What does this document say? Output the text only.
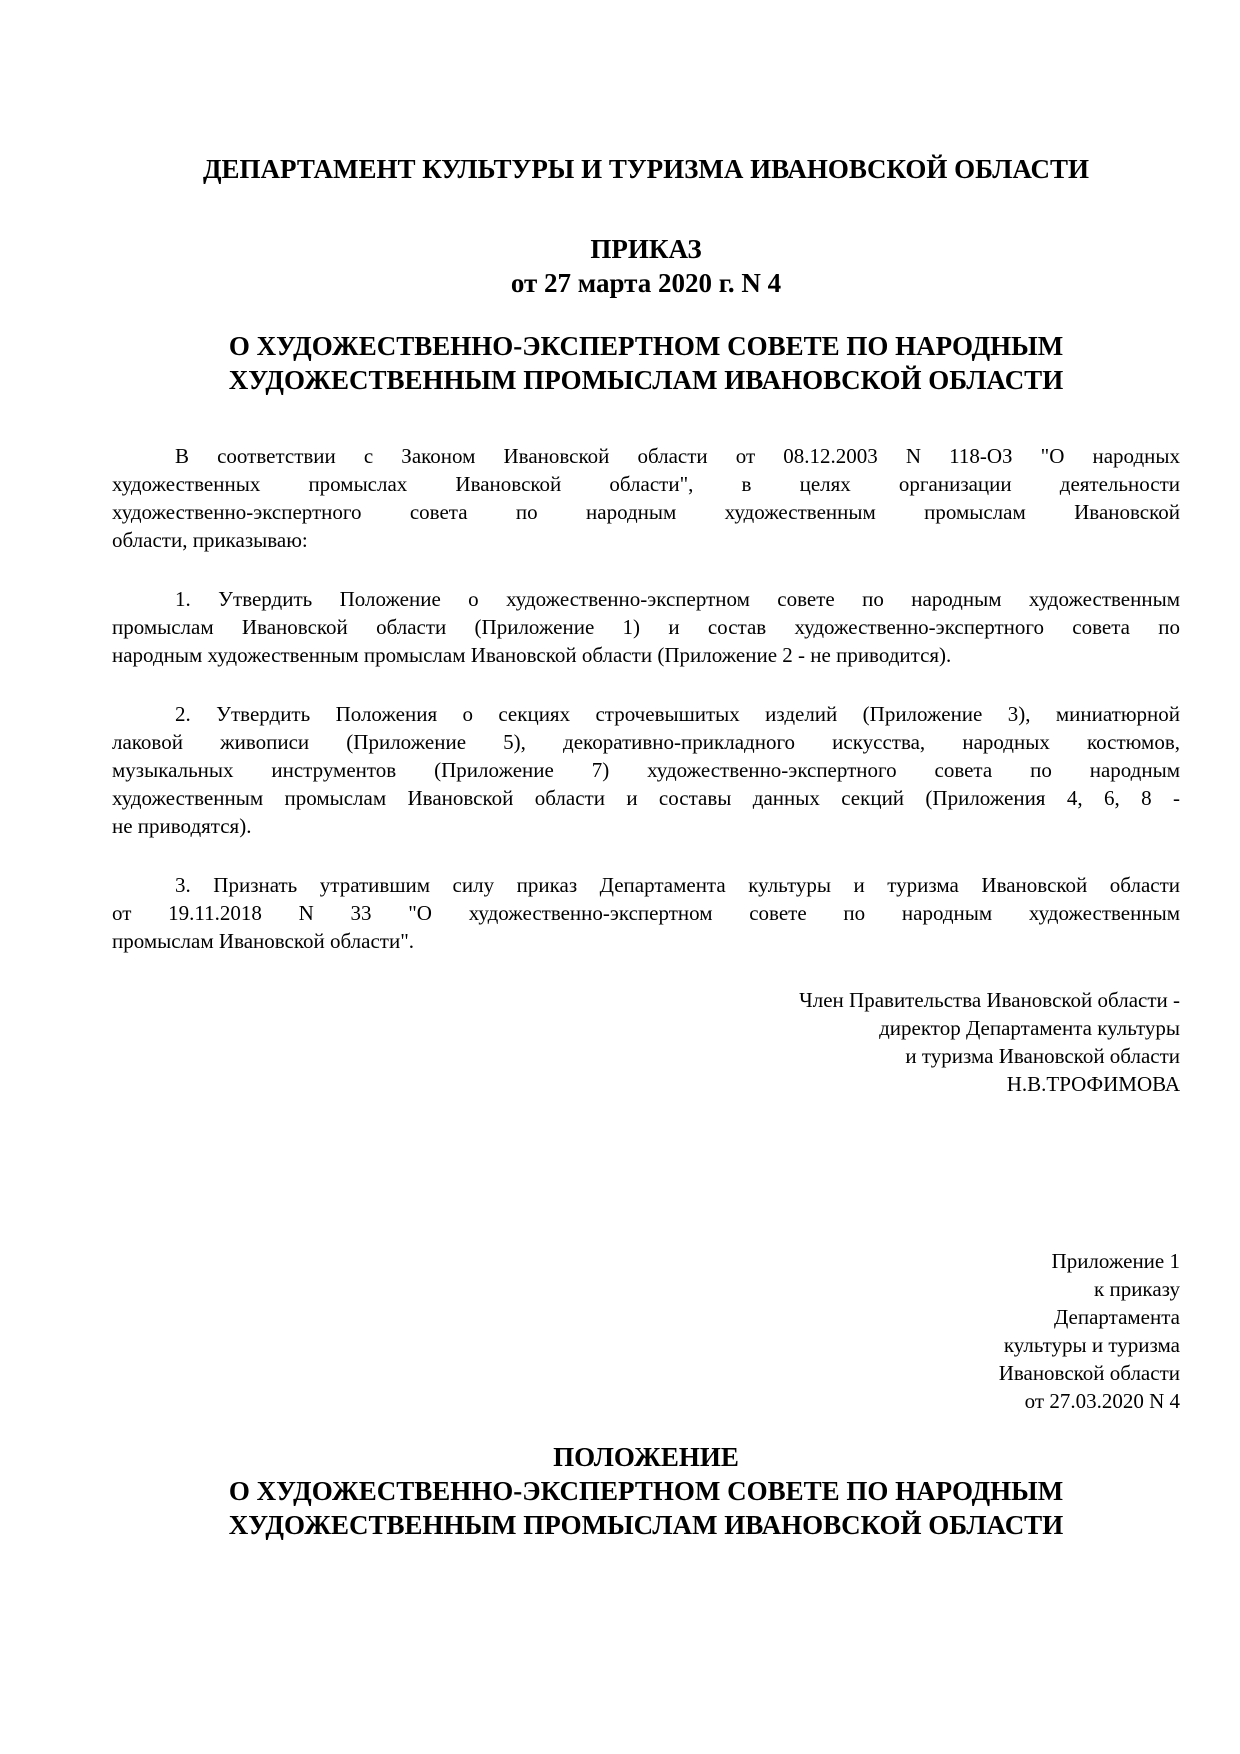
ДЕПАРТАМЕНТ КУЛЬТУРЫ И ТУРИЗМА ИВАНОВСКОЙ ОБЛАСТИ
ПРИКАЗ
от 27 марта 2020 г. N 4
О ХУДОЖЕСТВЕННО-ЭКСПЕРТНОМ СОВЕТЕ ПО НАРОДНЫМ
ХУДОЖЕСТВЕННЫМ ПРОМЫСЛАМ ИВАНОВСКОЙ ОБЛАСТИ
В соответствии с Законом Ивановской области от 08.12.2003 N 118-ОЗ "О народных
художественных промыслах Ивановской области", в целях организации деятельности
художественно-экспертного совета по народным художественным промыслам Ивановской
области, приказываю:
1. Утвердить Положение о художественно-экспертном совете по народным художественным
промыслам Ивановской области (Приложение 1) и состав художественно-экспертного совета по
народным художественным промыслам Ивановской области (Приложение 2 - не приводится).
2. Утвердить Положения о секциях строчевышитых изделий (Приложение 3), миниатюрной
лаковой живописи (Приложение 5), декоративно-прикладного искусства, народных костюмов,
музыкальных инструментов (Приложение 7) художественно-экспертного совета по народным
художественным промыслам Ивановской области и составы данных секций (Приложения 4, 6, 8 -
не приводятся).
3. Признать утратившим силу приказ Департамента культуры и туризма Ивановской области
от 19.11.2018 N 33 "О художественно-экспертном совете по народным художественным
промыслам Ивановской области".
Член Правительства Ивановской области -
директор Департамента культуры
и туризма Ивановской области
Н.В.ТРОФИМОВА
Приложение 1
к приказу
Департамента
культуры и туризма
Ивановской области
от 27.03.2020 N 4
ПОЛОЖЕНИЕ
О ХУДОЖЕСТВЕННО-ЭКСПЕРТНОМ СОВЕТЕ ПО НАРОДНЫМ
ХУДОЖЕСТВЕННЫМ ПРОМЫСЛАМ ИВАНОВСКОЙ ОБЛАСТИ
